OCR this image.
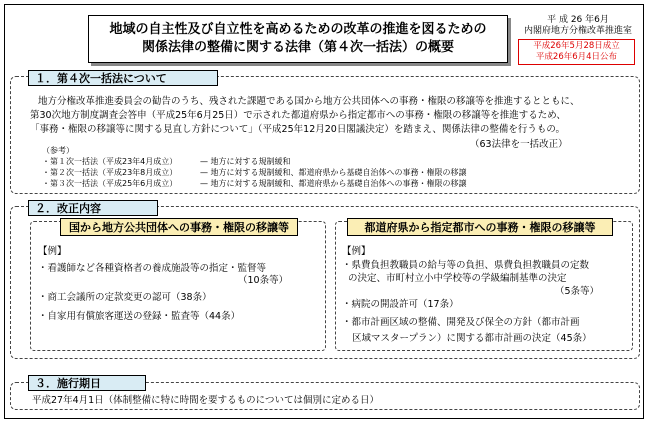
地域の自主性及び自立性を高めるための改革の推進を図るための
関係法律の整備に関する法律（第４次一括法）の概要
平 成 26 年6月
内閣府地方分権改革推進室
平成26年5月28日成立
平成26年6月4日公布
１．第４次一括法について
地方分権改革推進委員会の勧告のうち、残された課題である国から地方公共団体への事務・権限の移譲等を推進するとともに、
第30次地方制度調査会答申（平成25年6月25日）で示された都道府県から指定都市への事務・権限の移譲等を推進するため、
「事務・権限の移譲等に関する見直し方針について」（平成25年12月20日閣議決定）を踏まえ、関係法律の整備を行うもの。
（63法律を一括改正）
（参考）
・第１次一括法（平成23年4月成立）	— 地方に対する規制緩和
・第２次一括法（平成23年8月成立）	— 地方に対する規制緩和、都道府県から基礎自治体への事務・権限の移譲
・第３次一括法（平成25年6月成立）	— 地方に対する規制緩和、都道府県から基礎自治体への事務・権限の移譲
２．改正内容
国から地方公共団体への事務・権限の移譲等
【例】
・看護師など各種資格者の養成施設等の指定・監督等
（10条等）
・商工会議所の定款変更の認可（38条）
・自家用有償旅客運送の登録・監査等（44条）
都道府県から指定都市への事務・権限の移譲等
【例】
・県費負担教職員の給与等の負担、県費負担教職員の定数
の決定、市町村立小中学校等の学級編制基準の決定
（5条等）
・病院の開設許可（17条）
・都市計画区域の整備、開発及び保全の方針（都市計画
区域マスタープラン）に関する都市計画の決定（45条）
３．施行期日
平成27年4月1日（体制整備に特に時間を要するものについては個別に定める日）
